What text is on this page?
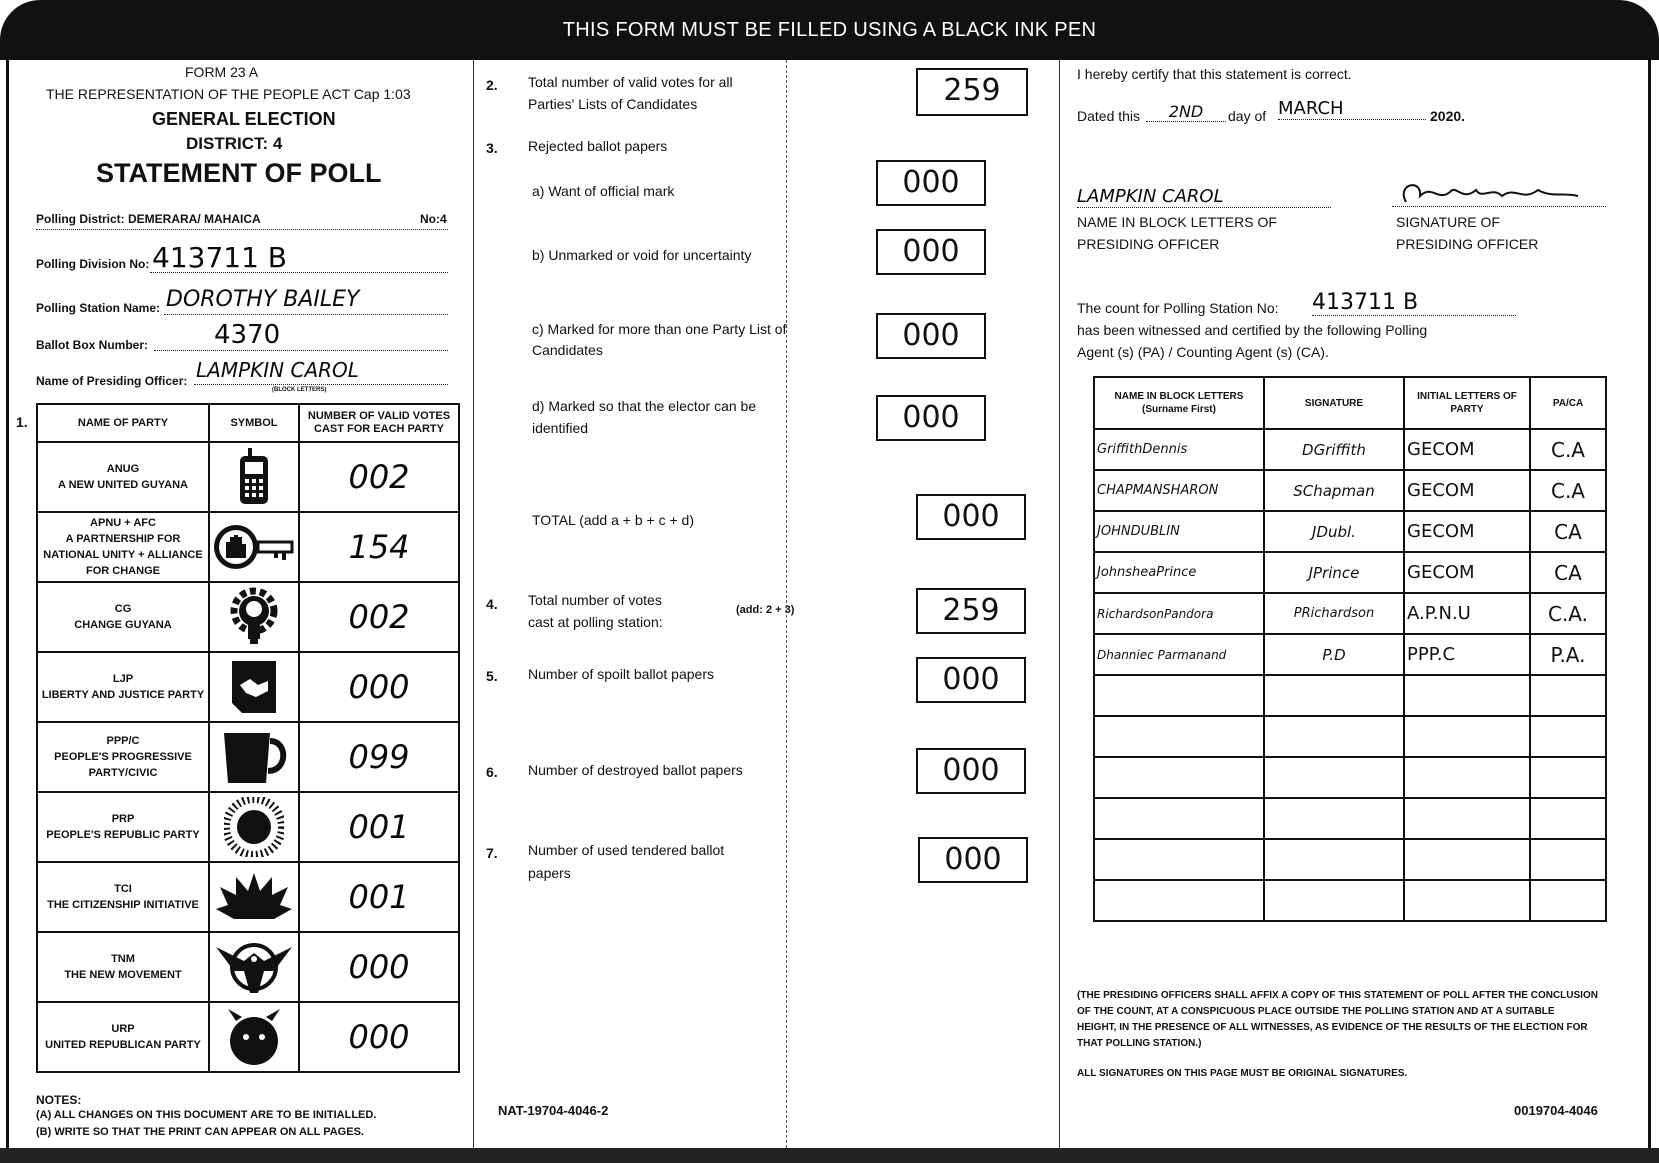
THIS FORM MUST BE FILLED USING A BLACK INK PEN
FORM 23 A
THE REPRESENTATION OF THE PEOPLE ACT Cap 1:03
GENERAL ELECTION
DISTRICT: 4
STATEMENT OF POLL
Polling District: DEMERARA/ MAHAICA	No:4
Polling Division No: 413711 B
Polling Station Name: DOROTHY BAILEY
Ballot Box Number:	4370
Name of Presiding Officer: LAMPKIN CAROL
(BLOCK LETTERS)
1.	NAME OF PARTY	SYMBOL	NUMBER OF VALID VOTES CAST FOR EACH PARTY

ANUG
A NEW UNITED GUYANA		002

APNU + AFC
A PARTNERSHIP FOR NATIONAL UNITY + ALLIANCE FOR CHANGE		154

CG
CHANGE GUYANA		002

LJP
LIBERTY AND JUSTICE PARTY		000

PPP/C
PEOPLE'S PROGRESSIVE PARTY/CIVIC		099

PRP
PEOPLE'S REPUBLIC PARTY		001

TCI
THE CITIZENSHIP INITIATIVE		001

TNM
THE NEW MOVEMENT		000

URP
UNITED REPUBLICAN PARTY		000
NOTES:
(A) ALL CHANGES ON THIS DOCUMENT ARE TO BE INITIALLED.
(B) WRITE SO THAT THE PRINT CAN APPEAR ON ALL PAGES.
2. Total number of valid votes for all
Parties' Lists of Candidates	259
3. Rejected ballot papers
a) Want of official mark	000
b) Unmarked or void for uncertainty	000
c) Marked for more than one Party List of
Candidates	000
d) Marked so that the elector can be
identified	000
TOTAL (add a + b + c + d)	000
4. Total number of votes
cast at polling station:
(add: 2 + 3)	259
5. Number of spoilt ballot papers	000
6. Number of destroyed ballot papers	000
7. Number of used tendered ballot
papers	000
NAT-19704-4046-2
I hereby certify that this statement is correct.
Dated this	2ND	day of MARCH	2020.
LAMPKIN CAROL
NAME IN BLOCK LETTERS OF
PRESIDING OFFICER
SIGNATURE OF
PRESIDING OFFICER
The count for Polling Station No: 413711 B
has been witnessed and certified by the following Polling
Agent (s) (PA) / Counting Agent (s) (CA).
NAME IN BLOCK LETTERS (Surname First)	SIGNATURE	INITIAL LETTERS OF PARTY	PA/CA
GriffithDennis	DGriffith	GECOM	C.A
CHAPMANSHARON	SChapman	GECOM	C.A
JOHNDUBLIN	JDubl.	GECOM	CA
JohnsheaPrince	JPrince	GECOM	CA
RichardsonPandora	PRichardson	A.P.N.U	C.A.
Dhanniec Parmanand	P.D	PPP.C	P.A.

(THE PRESIDING OFFICERS SHALL AFFIX A COPY OF THIS STATEMENT OF POLL AFTER THE CONCLUSION
OF THE COUNT, AT A CONSPICUOUS PLACE OUTSIDE THE POLLING STATION AND AT A SUITABLE
HEIGHT, IN THE PRESENCE OF ALL WITNESSES, AS EVIDENCE OF THE RESULTS OF THE ELECTION FOR
THAT POLLING STATION.)
ALL SIGNATURES ON THIS PAGE MUST BE ORIGINAL SIGNATURES.
0019704-4046
